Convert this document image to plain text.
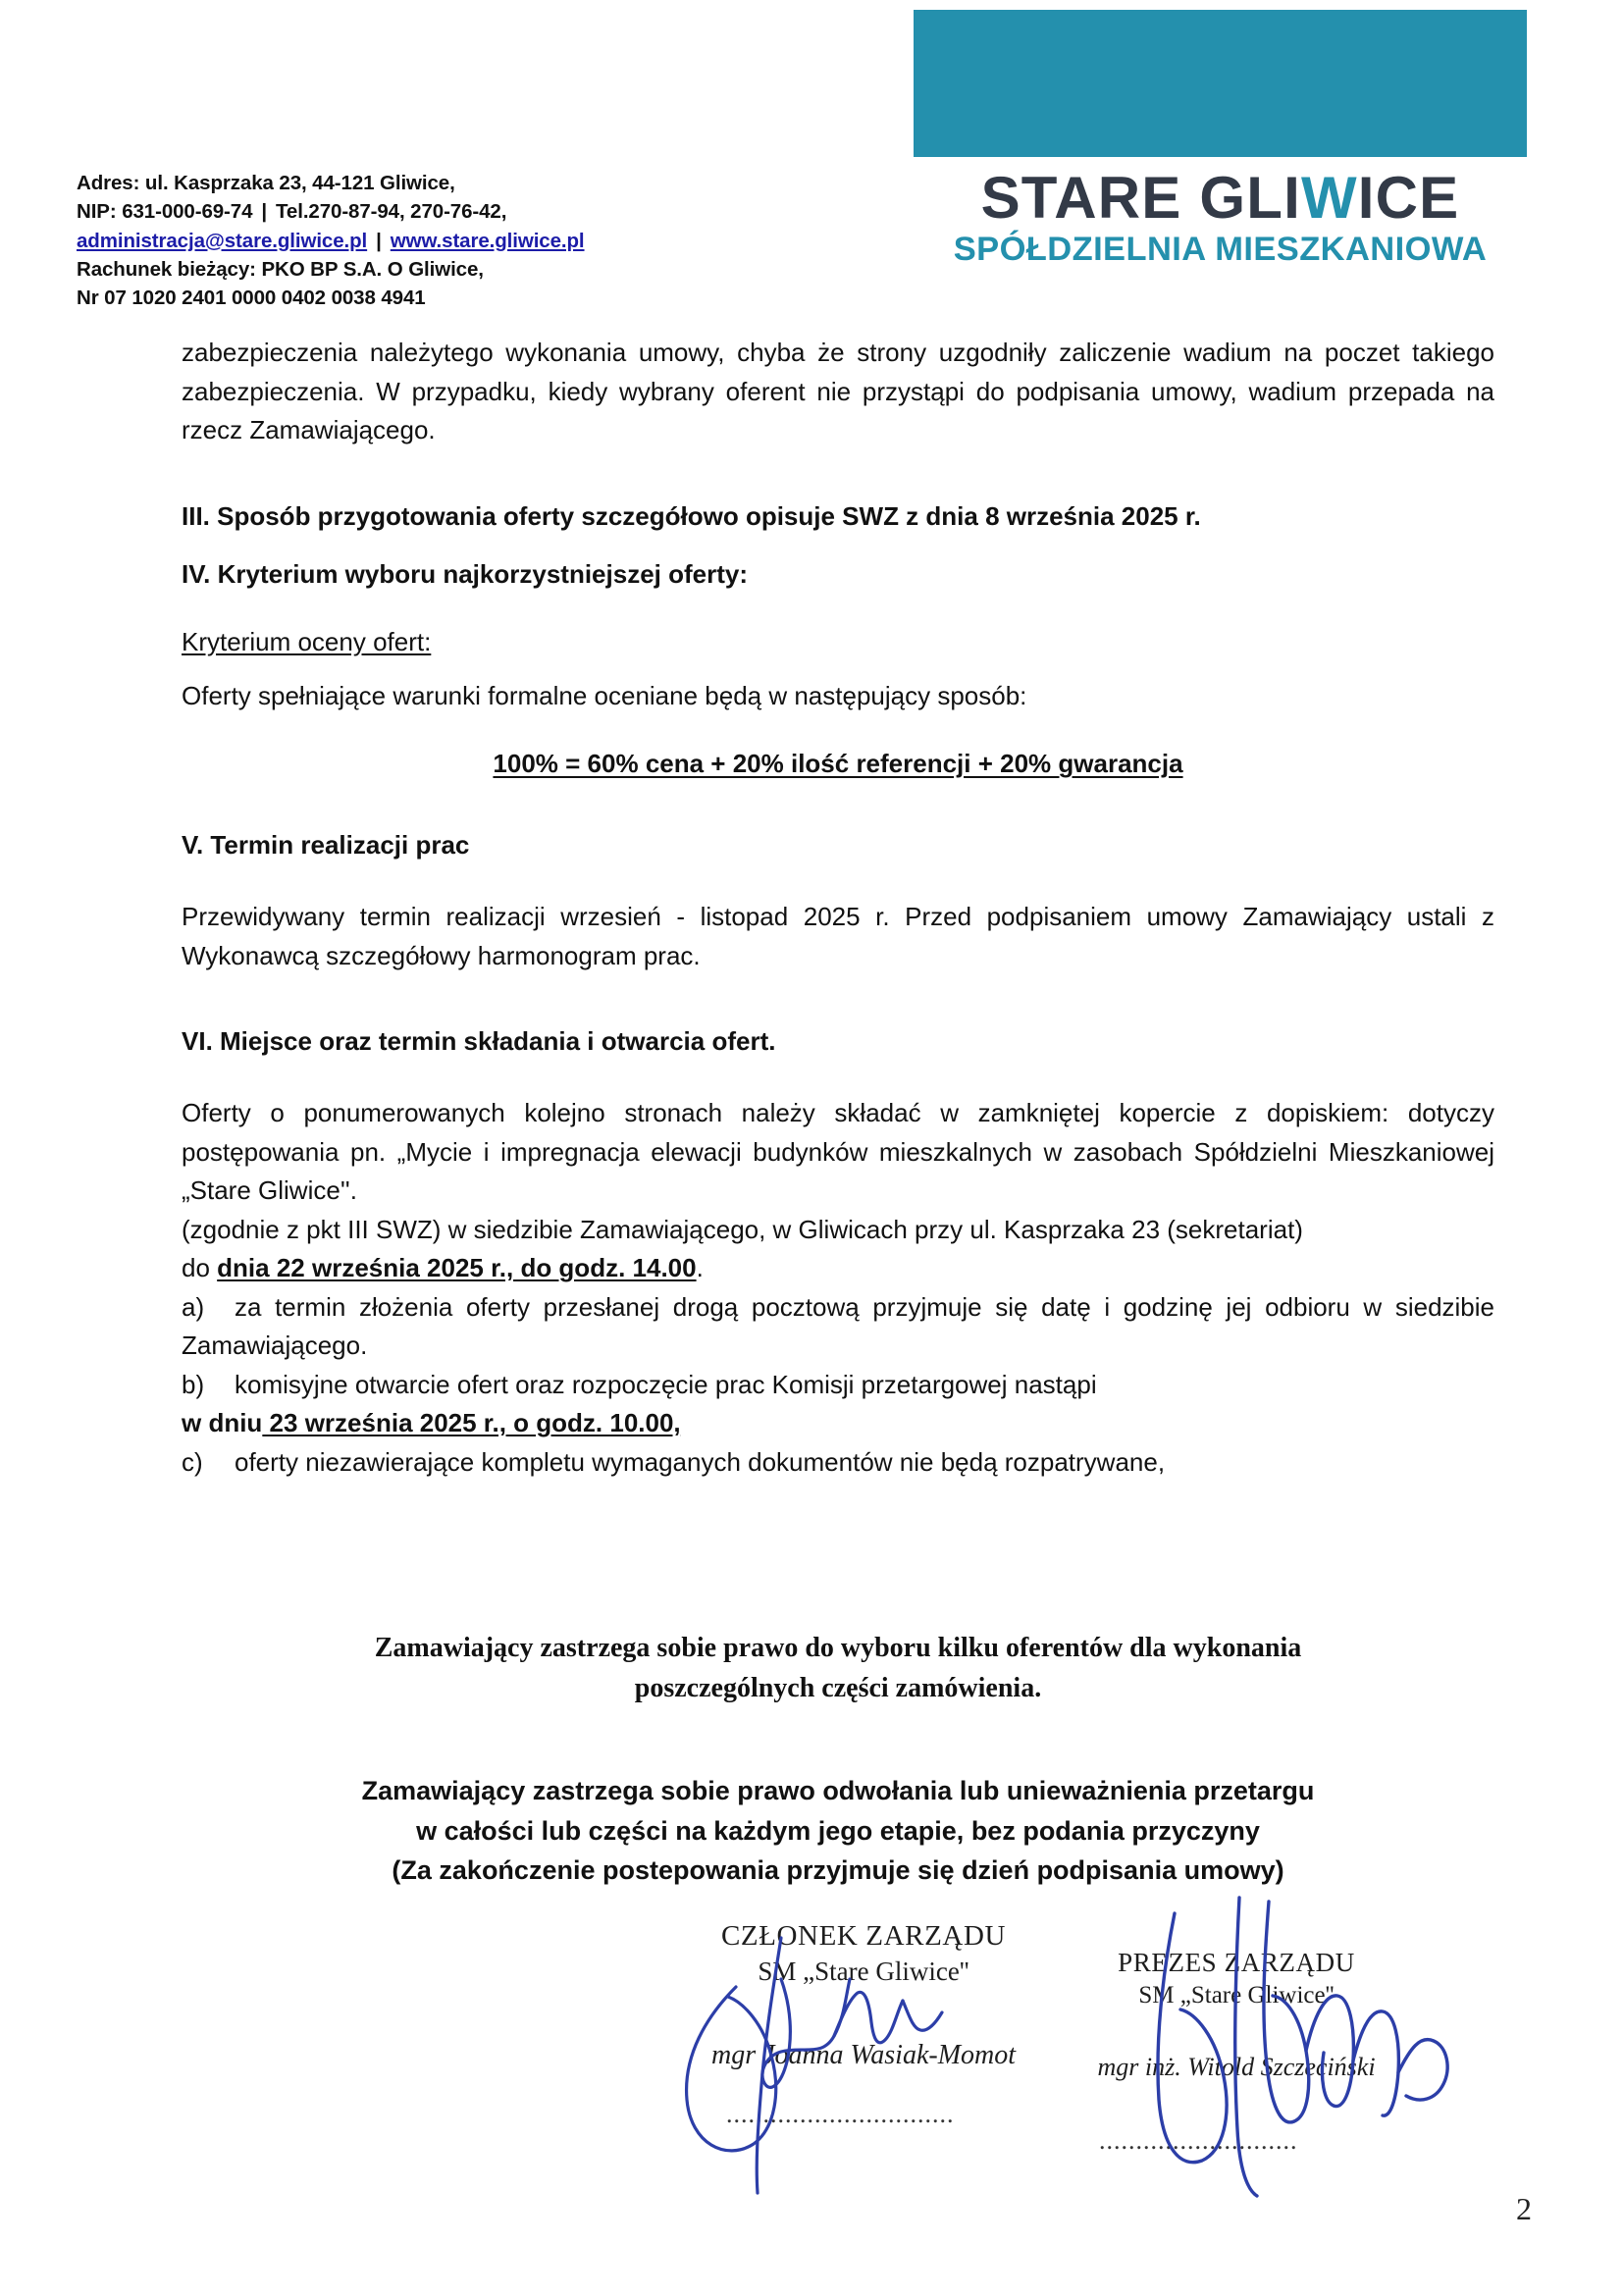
Adres: ul. Kasprzaka 23, 44-121 Gliwice,
NIP: 631-000-69-74 | Tel.270-87-94, 270-76-42,
administracja@stare.gliwice.pl | www.stare.gliwice.pl
Rachunek bieżący: PKO BP S.A. O Gliwice,
Nr 07 1020 2401 0000 0402 0038 4941
STARE GLIWICE
SPÓŁDZIELNIA MIESZKANIOWA

zabezpieczenia należytego wykonania umowy, chyba że strony uzgodniły zaliczenie wadium na poczet takiego zabezpieczenia. W przypadku, kiedy wybrany oferent nie przystąpi do podpisania umowy, wadium przepada na rzecz Zamawiającego.

III. Sposób przygotowania oferty szczegółowo opisuje SWZ z dnia 8 września 2025 r.

IV. Kryterium wyboru najkorzystniejszej oferty:

Kryterium oceny ofert:

Oferty spełniające warunki formalne oceniane będą w następujący sposób:

100% = 60% cena + 20% ilość referencji + 20% gwarancja

V. Termin realizacji prac

Przewidywany termin realizacji wrzesień - listopad 2025 r. Przed podpisaniem umowy Zamawiający ustali z Wykonawcą szczegółowy harmonogram prac.

VI. Miejsce oraz termin składania i otwarcia ofert.

Oferty o ponumerowanych kolejno stronach należy składać w zamkniętej kopercie z dopiskiem: dotyczy postępowania pn. „Mycie i impregnacja elewacji budynków mieszkalnych w zasobach Spółdzielni Mieszkaniowej „Stare Gliwice''.

(zgodnie z pkt III SWZ) w siedzibie Zamawiającego, w Gliwicach przy ul. Kasprzaka 23 (sekretariat)

do dnia 22 września 2025 r., do godz. 14.00.

a) za termin złożenia oferty przesłanej drogą pocztową przyjmuje się datę i godzinę jej odbioru w siedzibie Zamawiającego.

b) komisyjne otwarcie ofert oraz rozpoczęcie prac Komisji przetargowej nastąpi

w dniu 23 września 2025 r., o godz. 10.00,

c) oferty niezawierające kompletu wymaganych dokumentów nie będą rozpatrywane,

Zamawiający zastrzega sobie prawo do wyboru kilku oferentów dla wykonania

poszczególnych części zamówienia.

Zamawiający zastrzega sobie prawo odwołania lub unieważnienia przetargu

w całości lub części na każdym jego etapie, bez podania przyczyny

(Za zakończenie postepowania przyjmuje się dzień podpisania umowy)

CZŁONEK ZARZĄDU
SM „Stare Gliwice''
mgr Joanna Wasiak-Momot
PREZES ZARZĄDU
SM „Stare Gliwice''
mgr inż. Witold Szczeciński
...............................
...........................
2
